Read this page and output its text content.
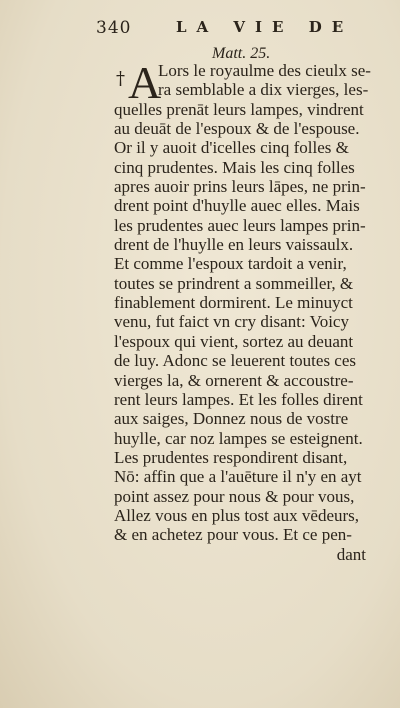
340	LA VIE DE
Matt. 25.
† A
Lors le royaulme des cieulx se-
ra semblable a dix vierges, les-
quelles prenāt leurs lampes, vindrent
au deuāt de l'espoux & de l'espouse.
Or il y auoit d'icelles cinq folles &
cinq prudentes. Mais les cinq folles
apres auoir prins leurs lāpes, ne prin-
drent point d'huylle auec elles. Mais
les prudentes auec leurs lampes prin-
drent de l'huylle en leurs vaissaulx.
Et comme l'espoux tardoit a venir,
toutes se prindrent a sommeiller, &
finablement dormirent. Le minuyct
venu, fut faict vn cry disant: Voicy
l'espoux qui vient, sortez au deuant
de luy. Adonc se leuerent toutes ces
vierges la, & ornerent & accoustre-
rent leurs lampes. Et les folles dirent
aux saiges, Donnez nous de vostre
huylle, car noz lampes se esteignent.
Les prudentes respondirent disant,
Nō: affin que a l'auēture il n'y en ayt
point assez pour nous & pour vous,
Allez vous en plus tost aux vēdeurs,
& en achetez pour vous. Et ce pen-
dant
